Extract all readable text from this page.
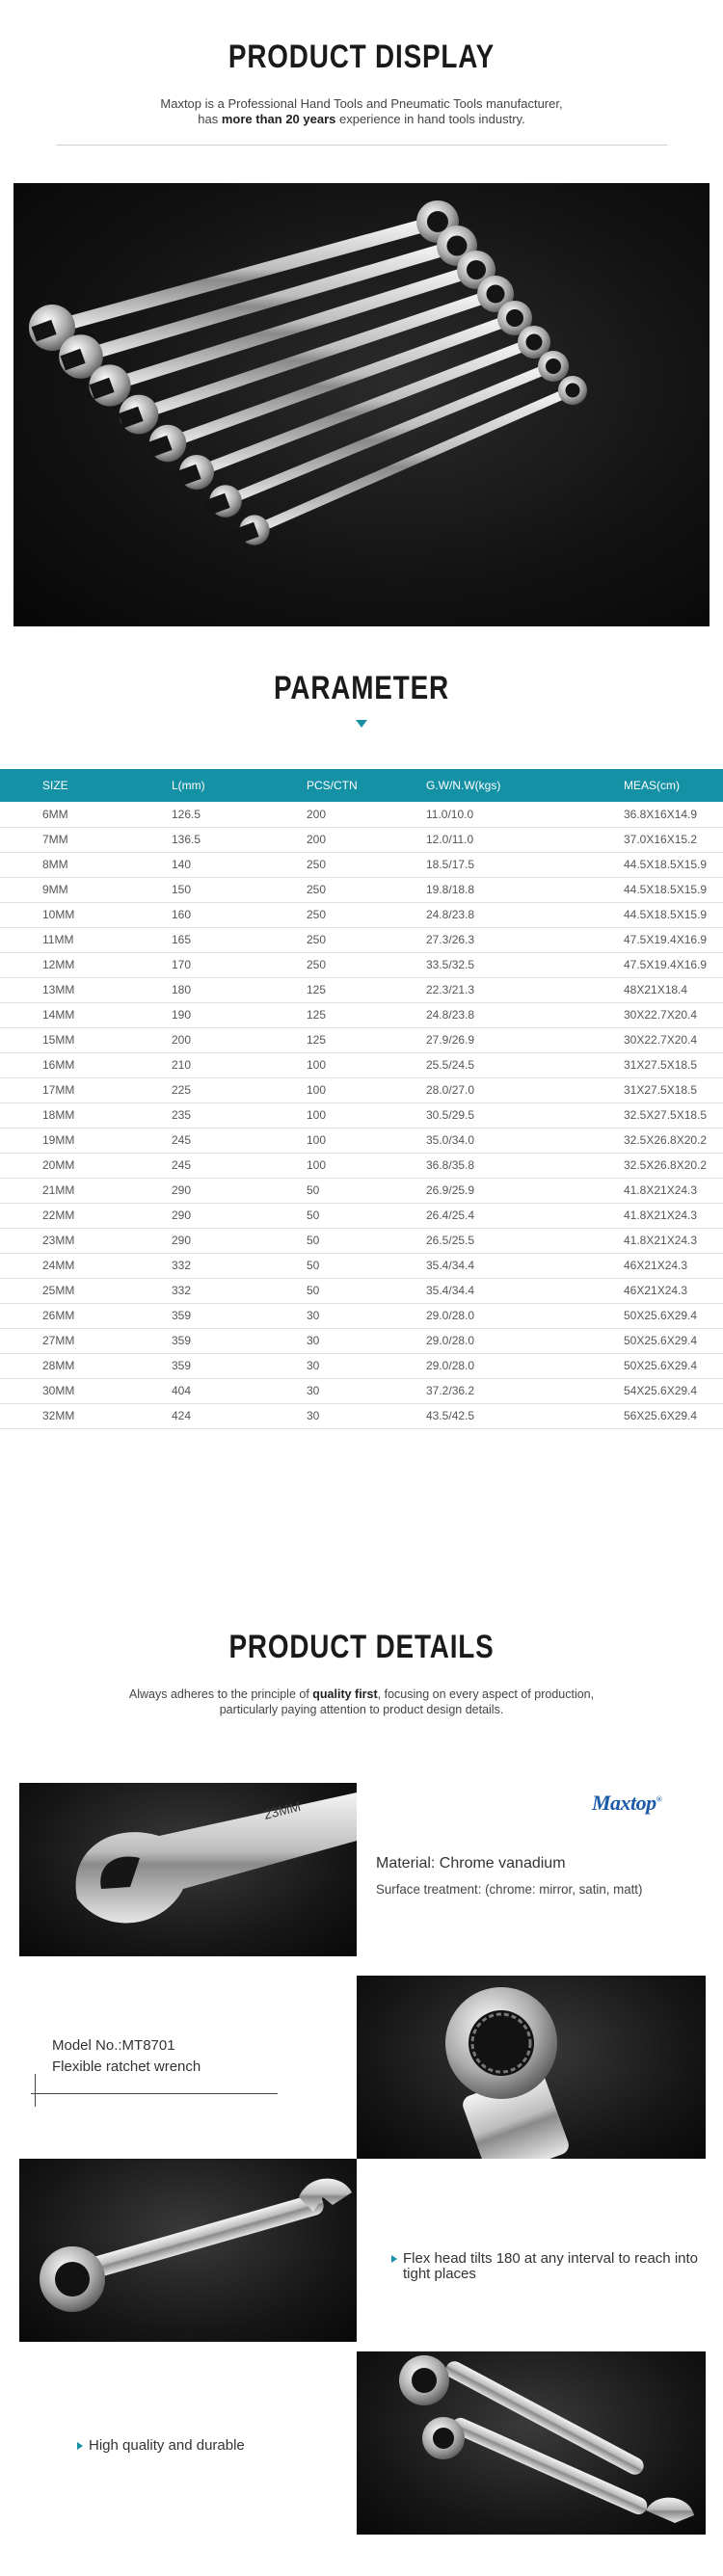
PRODUCT DISPLAY
Maxtop is a Professional Hand Tools and Pneumatic Tools manufacturer,
has more than 20 years experience in hand tools industry.
PARAMETER
SIZE	L(mm)	PCS/CTN	G.W/N.W(kgs)	MEAS(cm)
6MM	126.5	200	11.0/10.0	36.8X16X14.9
7MM	136.5	200	12.0/11.0	37.0X16X15.2
8MM	140	250	18.5/17.5	44.5X18.5X15.9
9MM	150	250	19.8/18.8	44.5X18.5X15.9
10MM	160	250	24.8/23.8	44.5X18.5X15.9
11MM	165	250	27.3/26.3	47.5X19.4X16.9
12MM	170	250	33.5/32.5	47.5X19.4X16.9
13MM	180	125	22.3/21.3	48X21X18.4
14MM	190	125	24.8/23.8	30X22.7X20.4
15MM	200	125	27.9/26.9	30X22.7X20.4
16MM	210	100	25.5/24.5	31X27.5X18.5
17MM	225	100	28.0/27.0	31X27.5X18.5
18MM	235	100	30.5/29.5	32.5X27.5X18.5
19MM	245	100	35.0/34.0	32.5X26.8X20.2
20MM	245	100	36.8/35.8	32.5X26.8X20.2
21MM	290	50	26.9/25.9	41.8X21X24.3
22MM	290	50	26.4/25.4	41.8X21X24.3
23MM	290	50	26.5/25.5	41.8X21X24.3
24MM	332	50	35.4/34.4	46X21X24.3
25MM	332	50	35.4/34.4	46X21X24.3
26MM	359	30	29.0/28.0	50X25.6X29.4
27MM	359	30	29.0/28.0	50X25.6X29.4
28MM	359	30	29.0/28.0	50X25.6X29.4
30MM	404	30	37.2/36.2	54X25.6X29.4
32MM	424	30	43.5/42.5	56X25.6X29.4
PRODUCT DETAILS
Always adheres to the principle of quality first, focusing on every aspect of production,
particularly paying attention to product design details.
23MM	Maxtop®
Material: Chrome vanadium
Surface treatment: (chrome: mirror, satin, matt)
Model No.:MT8701
Flexible ratchet wrench
Flex head tilts 180 at any interval to reach into tight places
High quality and durable
